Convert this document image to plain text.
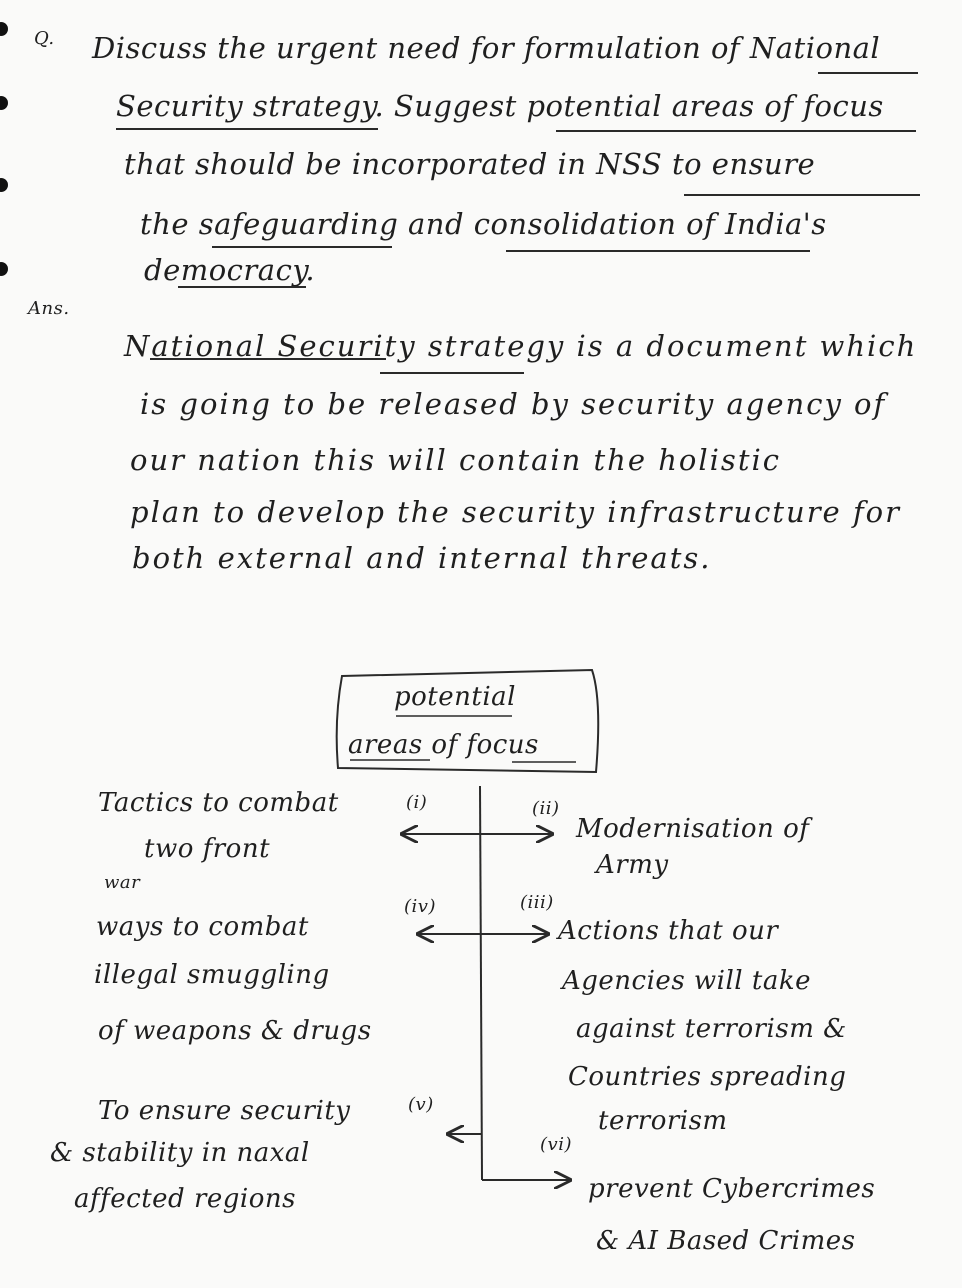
Q. Discuss the urgent need for formulation of National
Security strategy. Suggest potential areas of focus
that should be incorporated in NSS to ensure
the safeguarding and consolidation of India's
democracy.
Ans.
National Security strategy is a document which
is going to be released by security agency of
our nation this will contain the holistic
plan to develop the security infrastructure for
both external and internal threats.
potential
areas of focus
Tactics to combat
two front
war
(i)
ways to combat
illegal smuggling
of weapons & drugs
(iv)
To ensure security
& stability in naxal
affected regions
(v)
(ii)
Modernisation of
Army
(iii)
Actions that our
Agencies will take
against terrorism &
Countries spreading
terrorism
(vi)
prevent Cybercrimes
& AI Based Crimes
